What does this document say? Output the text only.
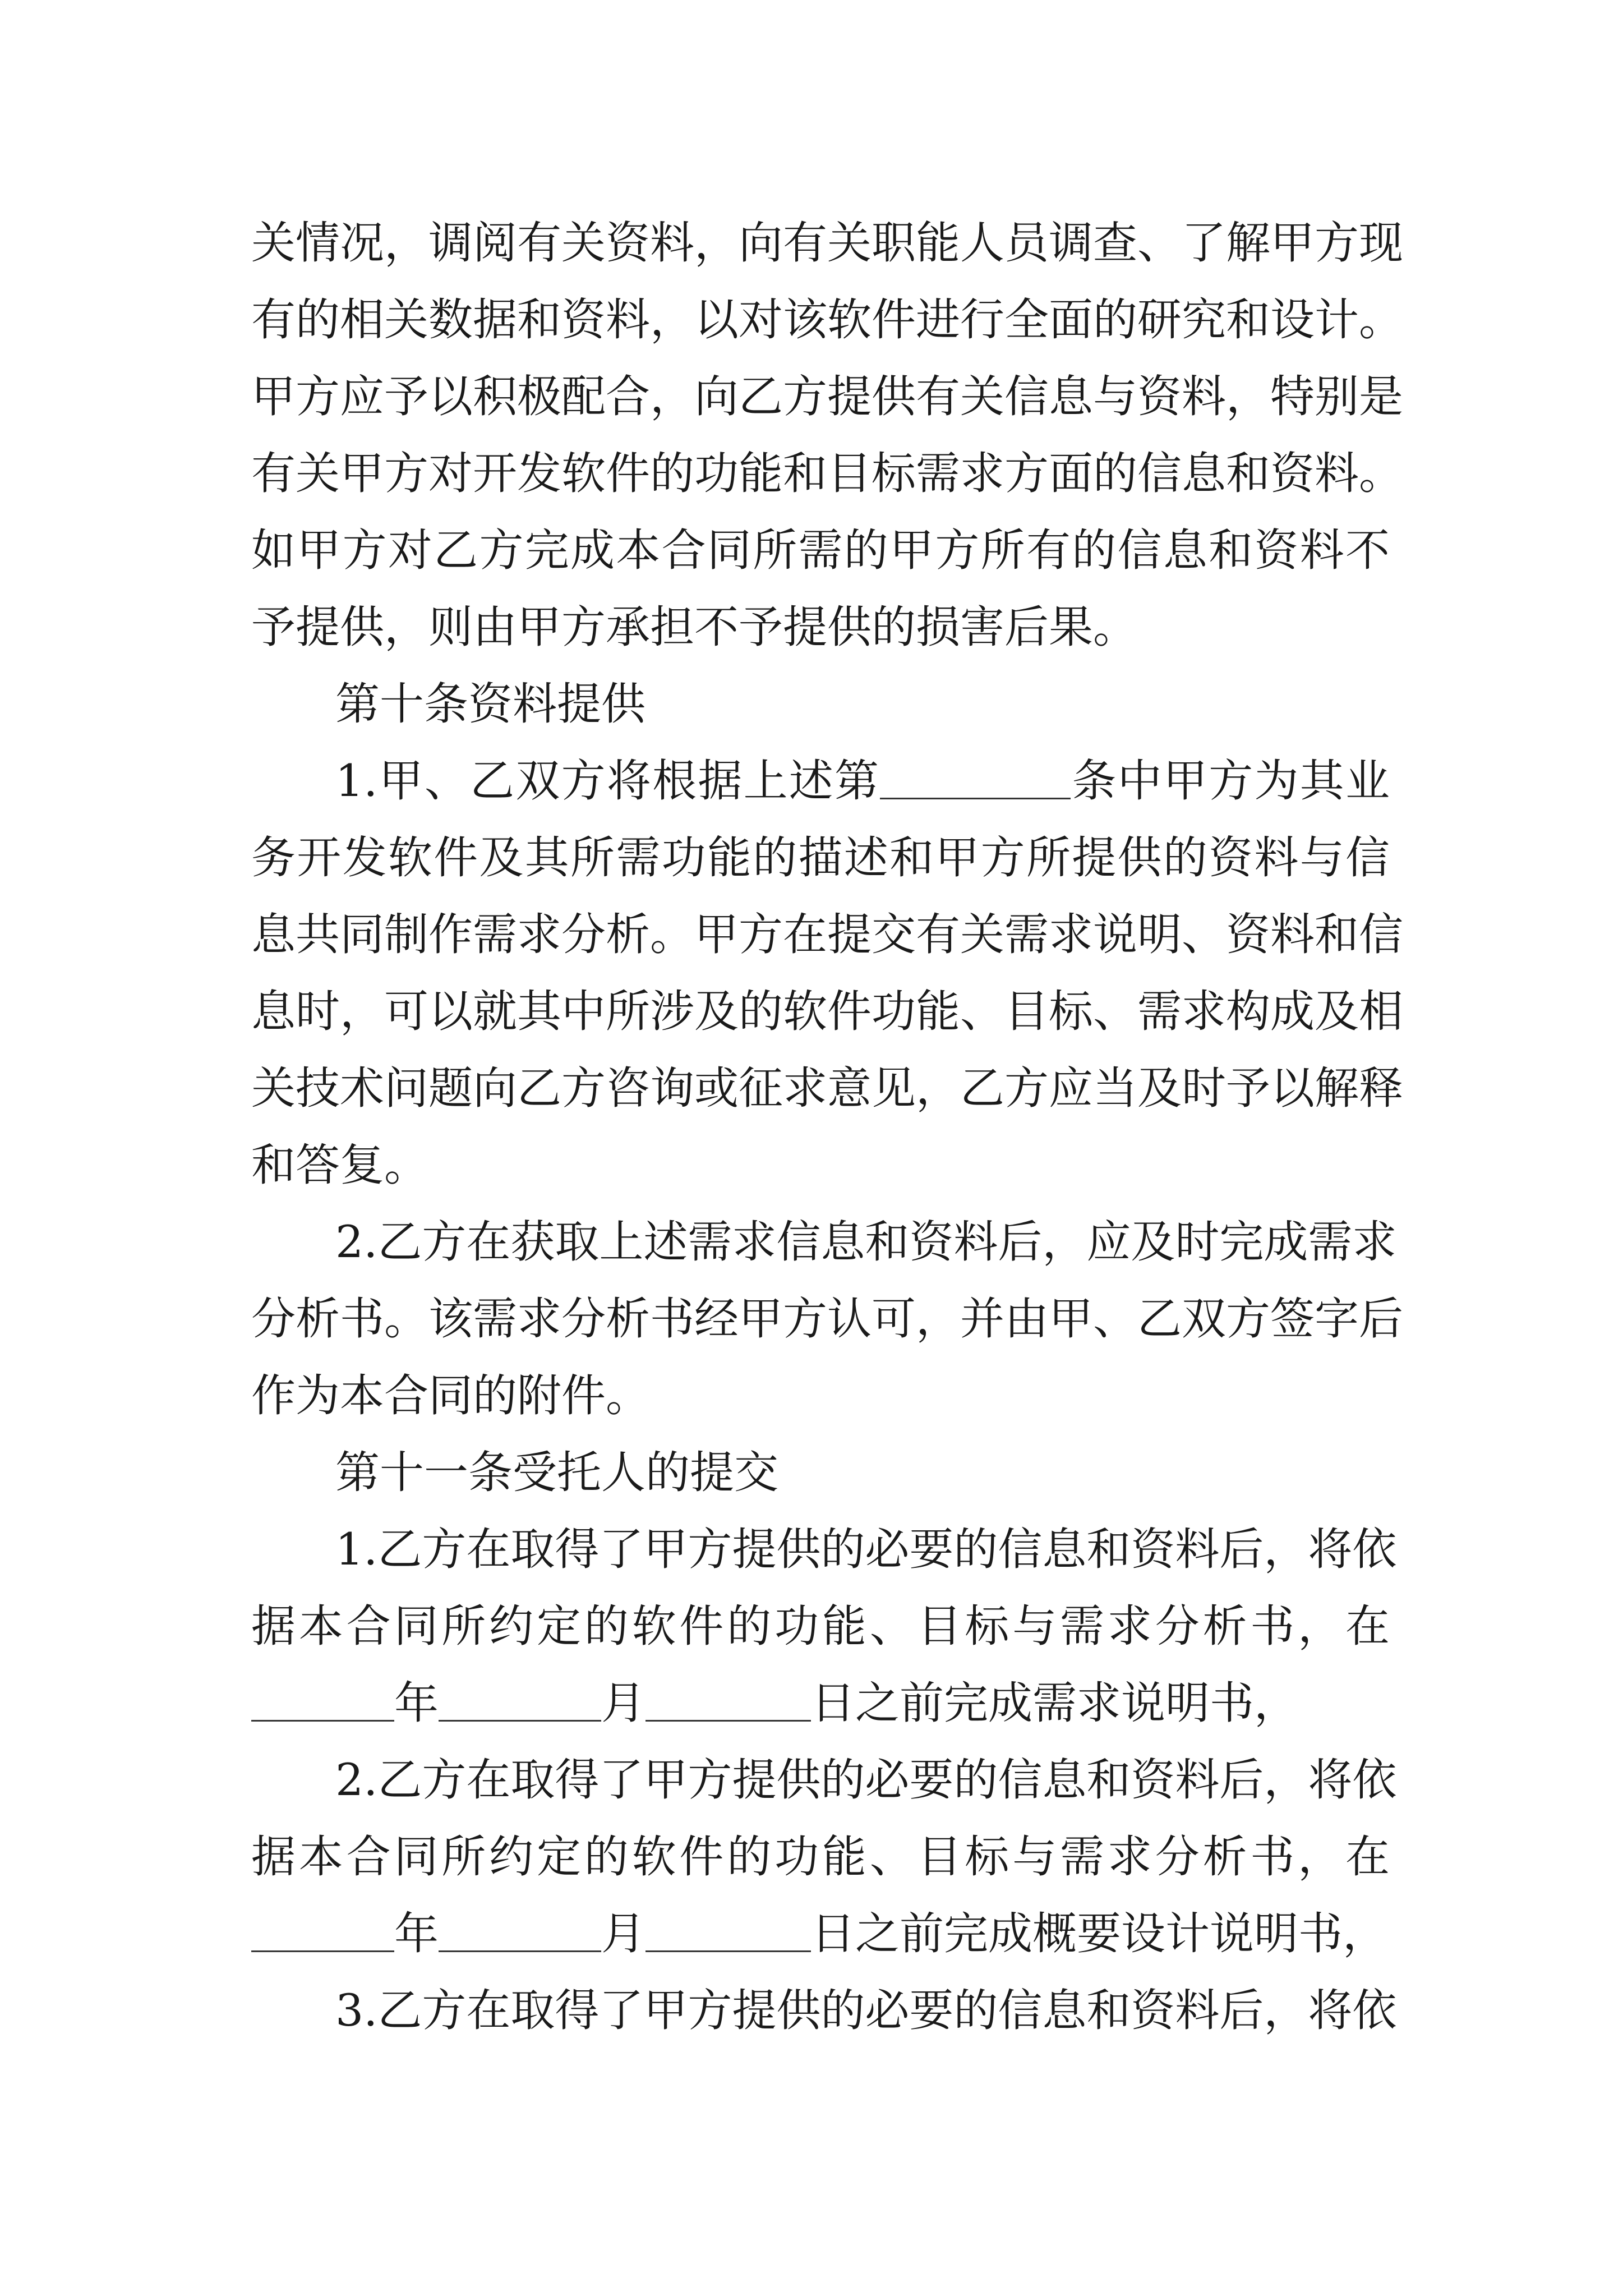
关情况，调阅有关资料，向有关职能人员调查、了解甲方现
有的相关数据和资料，以对该软件进行全面的研究和设计。
甲方应予以积极配合，向乙方提供有关信息与资料，特别是
有关甲方对开发软件的功能和目标需求方面的信息和资料。
如甲方对乙方完成本合同所需的甲方所有的信息和资料不
予提供，则由甲方承担不予提供的损害后果。
第十条资料提供
1.甲、乙双方将根据上述第	条中甲方为其业
务开发软件及其所需功能的描述和甲方所提供的资料与信
息共同制作需求分析。甲方在提交有关需求说明、资料和信
息时，可以就其中所涉及的软件功能、目标、需求构成及相
关技术问题向乙方咨询或征求意见，乙方应当及时予以解释
和答复。
2.乙方在获取上述需求信息和资料后，应及时完成需求
分析书。该需求分析书经甲方认可，并由甲、乙双方签字后
作为本合同的附件。
第十一条受托人的提交
1.乙方在取得了甲方提供的必要的信息和资料后，将依
据本合同所约定的软件的功能、目标与需求分析书，在
年	月	日之前完成需求说明书，
2.乙方在取得了甲方提供的必要的信息和资料后，将依
据本合同所约定的软件的功能、目标与需求分析书，在
年	月	日之前完成概要设计说明书，
3.乙方在取得了甲方提供的必要的信息和资料后，将依
